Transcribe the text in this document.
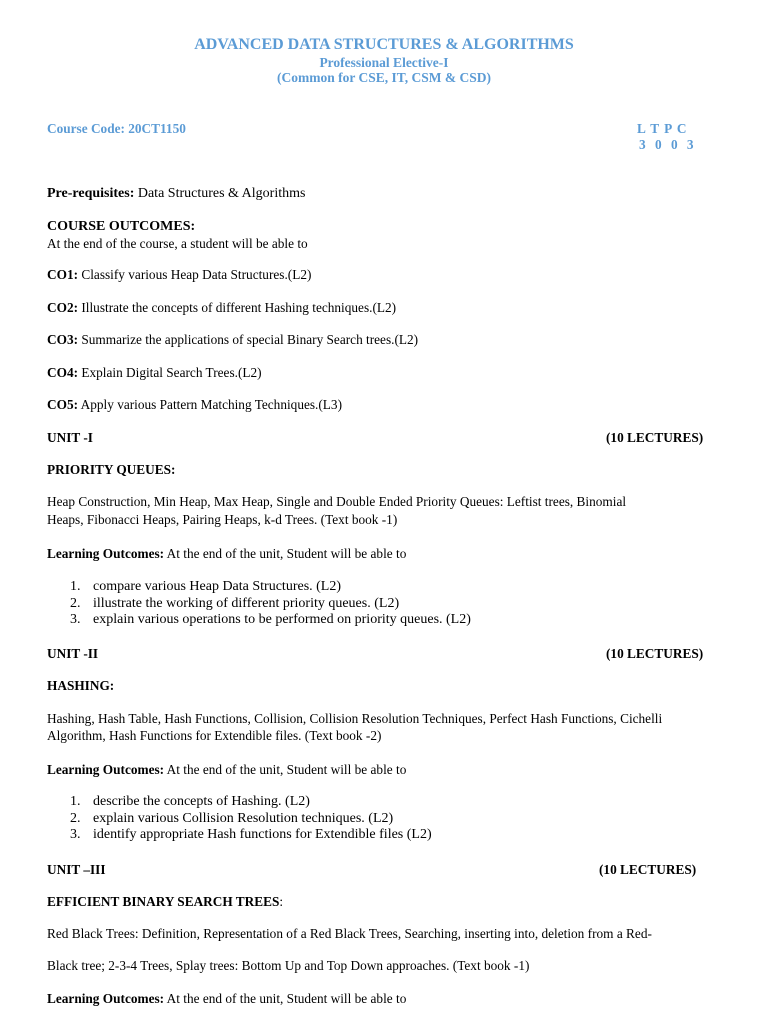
ADVANCED DATA STRUCTURES & ALGORITHMS
Professional Elective-I
(Common for CSE, IT, CSM & CSD)
Course Code: 20CT1150	L T P C
3 0 0 3
Pre-requisites: Data Structures & Algorithms
COURSE OUTCOMES:
At the end of the course, a student will be able to
CO1: Classify various Heap Data Structures.(L2)
CO2: Illustrate the concepts of different Hashing techniques.(L2)
CO3: Summarize the applications of special Binary Search trees.(L2)
CO4: Explain Digital Search Trees.(L2)
CO5: Apply various Pattern Matching Techniques.(L3)
UNIT -I	(10 LECTURES)
PRIORITY QUEUES:
Heap Construction, Min Heap, Max Heap, Single and Double Ended Priority Queues: Leftist trees, Binomial
Heaps, Fibonacci Heaps, Pairing Heaps, k-d Trees. (Text book -1)
Learning Outcomes: At the end of the unit, Student will be able to
1. compare various Heap Data Structures. (L2)
2. illustrate the working of different priority queues. (L2)
3. explain various operations to be performed on priority queues. (L2)
UNIT -II	(10 LECTURES)
HASHING:
Hashing, Hash Table, Hash Functions, Collision, Collision Resolution Techniques, Perfect Hash Functions, Cichelli
Algorithm, Hash Functions for Extendible files. (Text book -2)
Learning Outcomes: At the end of the unit, Student will be able to
1. describe the concepts of Hashing. (L2)
2. explain various Collision Resolution techniques. (L2)
3. identify appropriate Hash functions for Extendible files (L2)
UNIT –III	(10 LECTURES)
EFFICIENT BINARY SEARCH TREES:
Red Black Trees: Definition, Representation of a Red Black Trees, Searching, inserting into, deletion from a Red-
Black tree; 2-3-4 Trees, Splay trees: Bottom Up and Top Down approaches. (Text book -1)
Learning Outcomes: At the end of the unit, Student will be able to
